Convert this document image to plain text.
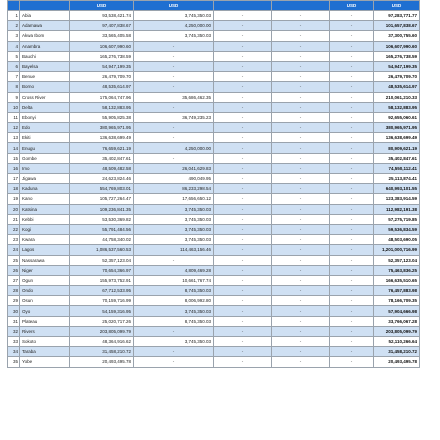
		USD	USD			USD	USD
1	Abia	93,538,421.74	3,745,350.03	-	-	-	97,283,771.77
2	Adamawa	97,407,838.67	4,250,000.00	-	-	-	101,657,838.67
3	Akwa Ibom	33,565,405.58	3,745,350.03	-	-	-	37,300,755.60
4	Anambra	106,607,990.60	-	-	-	-	106,607,990.60
5	Bauchi	165,276,738.59	-	-	-	-	165,276,738.59
6	Bayelsa	54,947,199.35	-	-	-	-	54,947,199.35
7	Benue	26,479,709.70	-	-	-	-	26,479,709.70
8	Borno	48,535,614.97	-	-	-	-	48,535,614.97
9	Cross River	175,064,747.96	35,686,462.35	-	-	-	210,061,210.33
10	Delta	58,132,883.95	-	-	-	-	58,132,883.95
11	Ebonyi	55,905,825.38	36,749,235.23	-	-	-	92,655,060.61
12	Edo	380,965,971.95	-	-	-	-	380,965,971.95
13	Ekiti	136,638,699.49	-	-	-	-	136,638,699.49
14	Enugu	76,659,621.19	4,250,000.00	-	-	-	80,909,621.19
15	Gombe	35,402,847.61	-	-	-	-	35,402,847.61
16	Imo	48,509,482.58	26,041,629.83	-	-	-	74,550,112.41
17	Jigawa	24,623,824.46	490,049.95	-	-	-	25,113,874.41
18	Kaduna	554,769,803.01	86,233,298.54	-	-	-	640,993,101.55
19	Kano	105,727,264.47	17,656,650.12	-	-	-	123,383,914.59
20	Katsina	109,236,841.35	3,745,350.03	-	-	-	112,982,191.38
21	Kebbi	53,530,369.82	3,745,350.03	-	-	-	57,275,719.85
22	Kogi	55,791,484.56	3,745,350.03	-	-	-	59,536,834.59
23	Kwara	44,758,340.02	3,745,350.03	-	-	-	48,503,690.05
24	Lagos	1,086,537,560.53	114,463,156.46	-	-	-	1,201,000,716.99
25	Nassarawa	52,357,123.04	-	-	-	-	52,357,123.04
26	Niger	70,654,366.97	4,809,469.28	-	-	-	75,463,836.25
27	Ogun	155,973,752.91	10,661,767.74	-	-	-	166,635,510.65
28	Ondo	67,712,533.95	8,745,350.03	-	-	-	76,457,883.98
29	Osun	70,159,716.99	8,006,992.80	-	-	-	78,166,709.35
30	Oyo	54,159,316.95	3,745,350.03	-	-	-	57,904,666.98
31	Plateau	25,020,717.26	8,745,350.03	-	-	-	33,766,067.28
32	Rivers	203,805,099.79	-	-	-	-	203,805,099.79
33	Sokoto	48,364,916.62	3,745,350.03	-	-	-	52,110,266.64
34	Taraba	31,458,210.72	-	-	-	-	31,458,210.72
35	Yobe	20,493,495.78	-	-	-	-	20,493,495.78
